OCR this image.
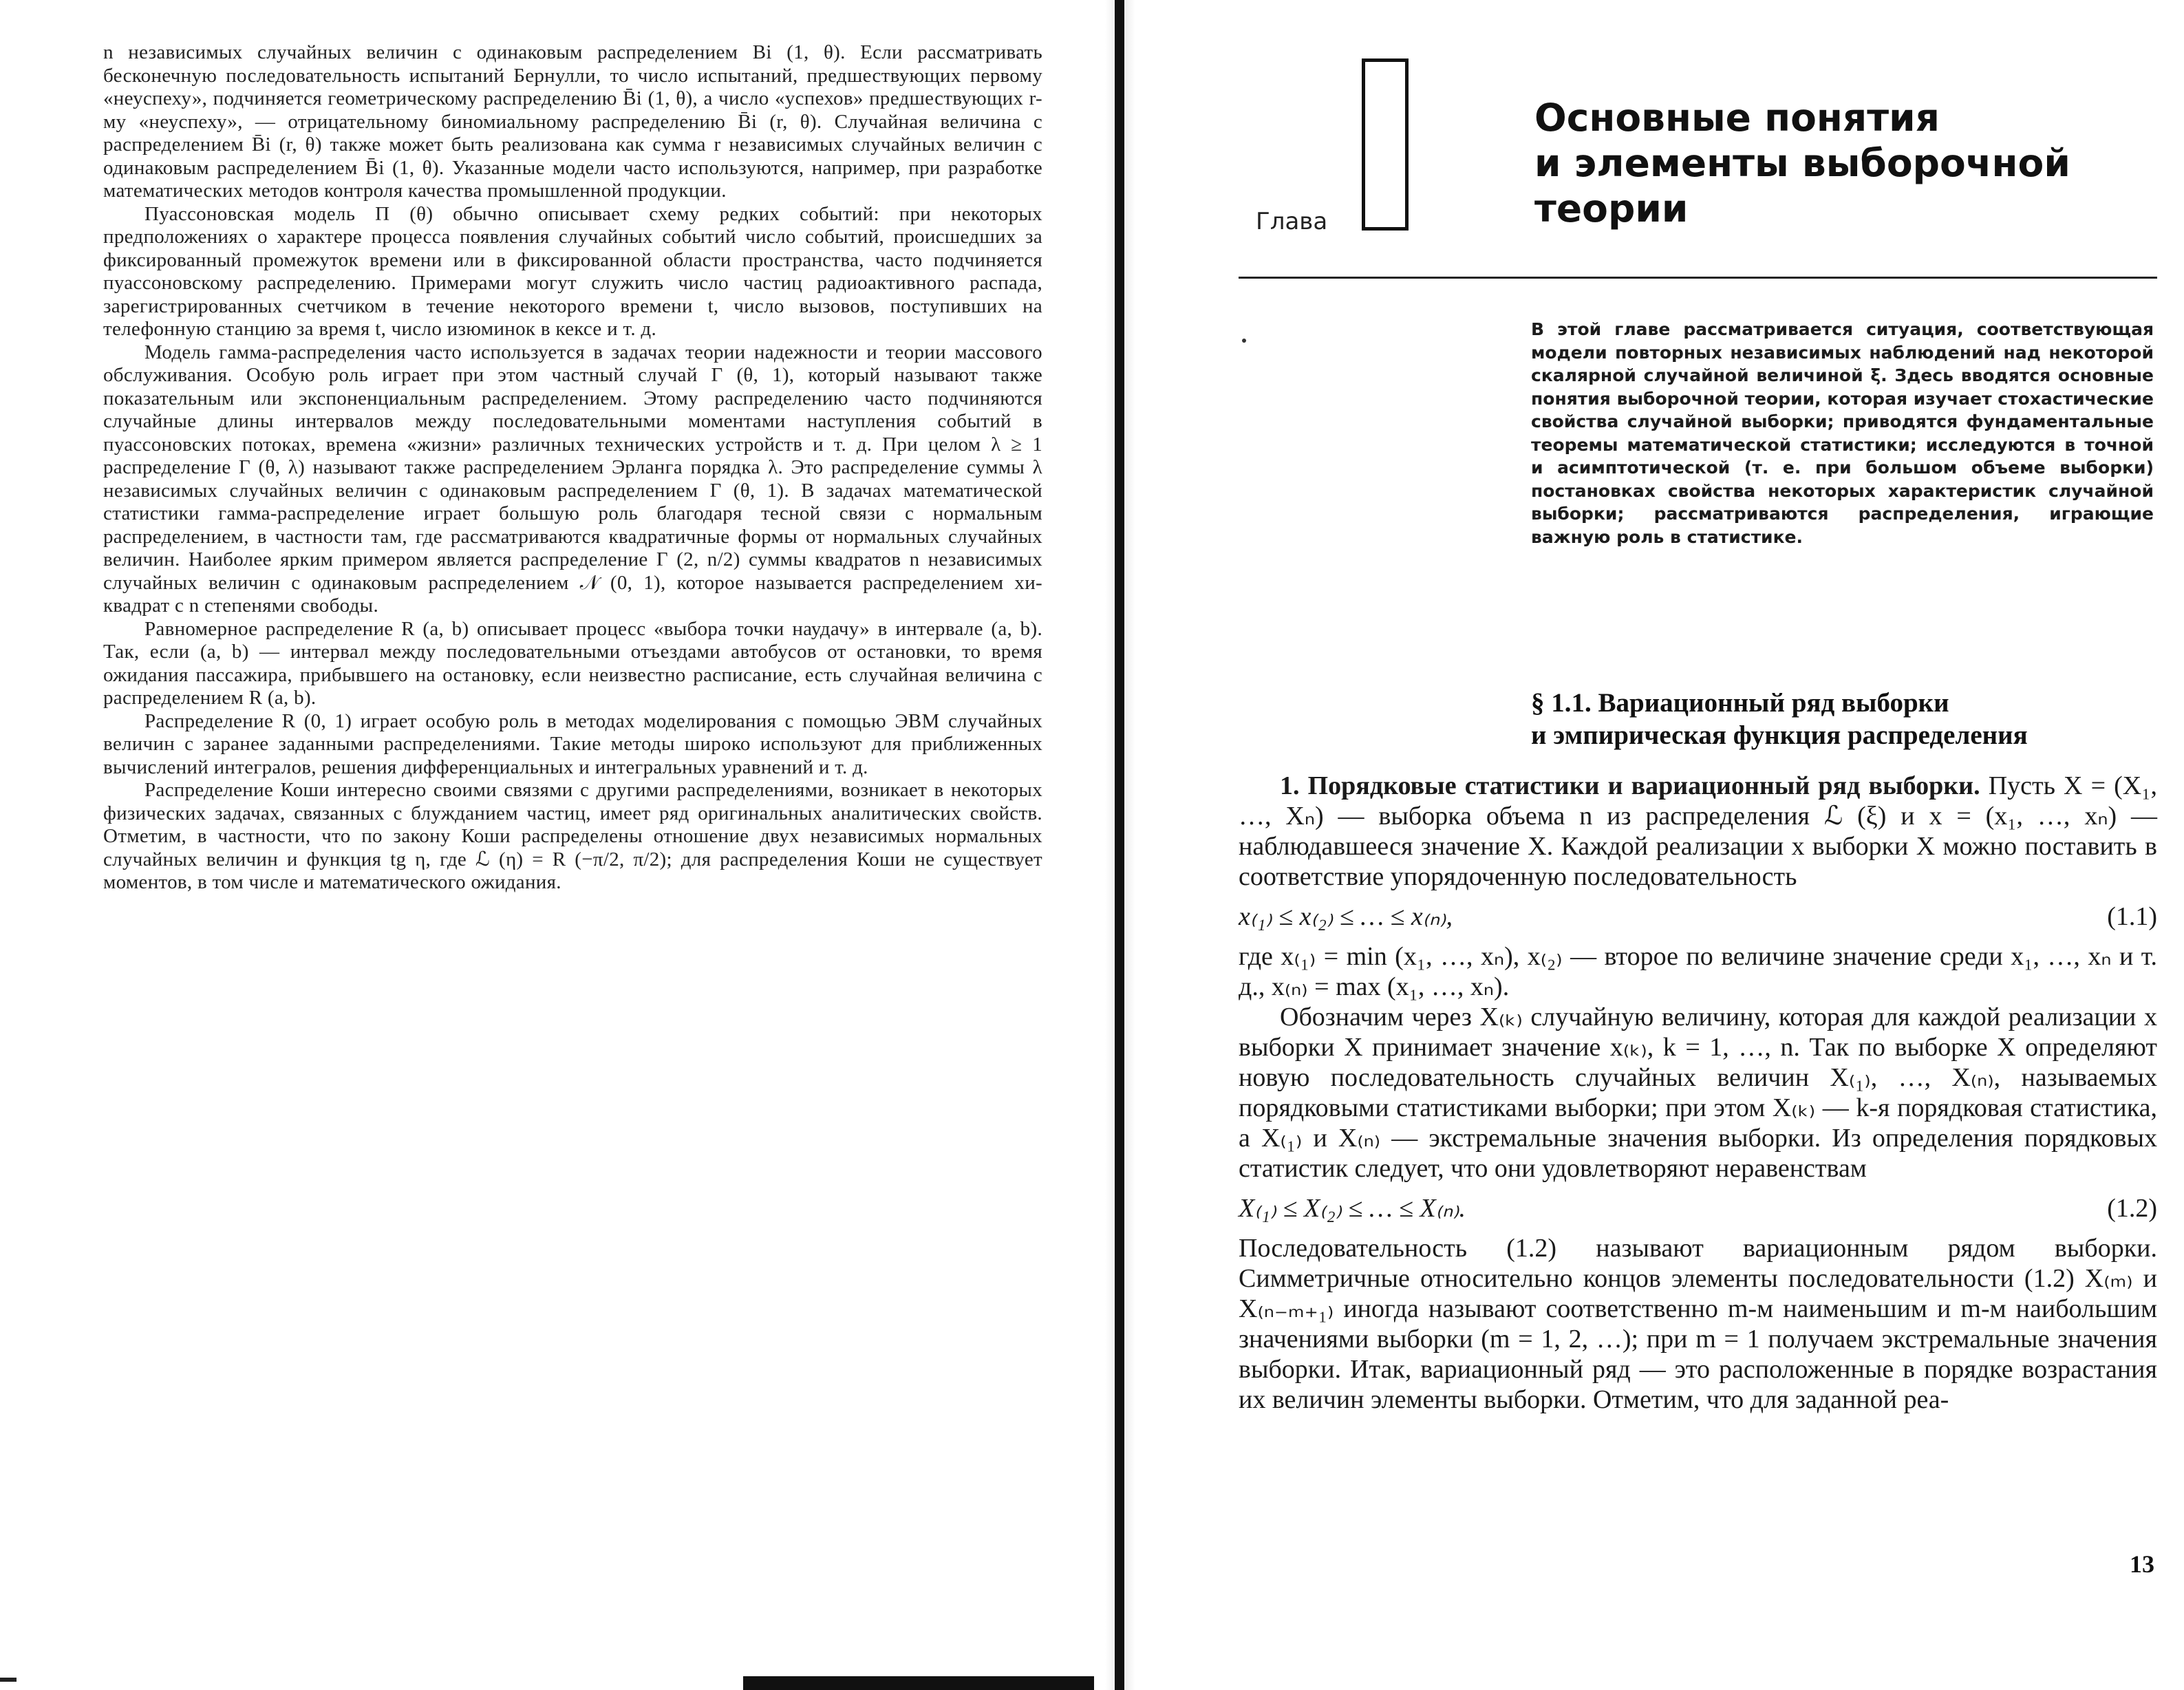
n независимых случайных величин с одинаковым распределением Bi (1, θ). Если рассматривать бесконечную последовательность испытаний Бернулли, то число испытаний, предшествующих первому «неуспеху», подчиняется геометрическому распределению B̄i (1, θ), а число «успехов» предшествующих r-му «неуспеху», — отрицательному биномиальному распределению B̄i (r, θ). Случайная величина с распределением B̄i (r, θ) также может быть реализована как сумма r независимых случайных величин с одинаковым распределением B̄i (1, θ). Указанные модели часто используются, например, при разработке математических методов контроля качества промышленной продукции.

Пуассоновская модель Π (θ) обычно описывает схему редких событий: при некоторых предположениях о характере процесса появления случайных событий число событий, происшедших за фиксированный промежуток времени или в фиксированной области пространства, часто подчиняется пуассоновскому распределению. Примерами могут служить число частиц радиоактивного распада, зарегистрированных счетчиком в течение некоторого времени t, число вызовов, поступивших на телефонную станцию за время t, число изюминок в кексе и т. д.

Модель гамма-распределения часто используется в задачах теории надежности и теории массового обслуживания. Особую роль играет при этом частный случай Γ (θ, 1), который называют также показательным или экспоненциальным распределением. Этому распределению часто подчиняются случайные длины интервалов между последовательными моментами наступления событий в пуассоновских потоках, времена «жизни» различных технических устройств и т. д. При целом λ ≥ 1 распределение Γ (θ, λ) называют также распределением Эрланга порядка λ. Это распределение суммы λ независимых случайных величин с одинаковым распределением Γ (θ, 1). В задачах математической статистики гамма-распределение играет большую роль благодаря тесной связи с нормальным распределением, в частности там, где рассматриваются квадратичные формы от нормальных случайных величин. Наиболее ярким примером является распределение Γ (2, n/2) суммы квадратов n независимых случайных величин с одинаковым распределением 𝒩 (0, 1), которое называется распределением хи-квадрат с n степенями свободы.

Равномерное распределение R (a, b) описывает процесс «выбора точки наудачу» в интервале (a, b). Так, если (a, b) — интервал между последовательными отъездами автобусов от остановки, то время ожидания пассажира, прибывшего на остановку, если неизвестно расписание, есть случайная величина с распределением R (a, b).

Распределение R (0, 1) играет особую роль в методах моделирования с помощью ЭВМ случайных величин с заранее заданными распределениями. Такие методы широко используют для приближенных вычислений интегралов, решения дифференциальных и интегральных уравнений и т. д.

Распределение Коши интересно своими связями с другими распределениями, возникает в некоторых физических задачах, связанных с блужданием частиц, имеет ряд оригинальных аналитических свойств. Отметим, в частности, что по закону Коши распределены отношение двух независимых нормальных случайных величин и функция tg η, где ℒ (η) = R (−π/2, π/2); для распределения Коши не существует моментов, в том числе и математического ожидания.

Глава
Основные понятия
и элементы выборочной
теории

В этой главе рассматривается ситуация, соответствующая модели повторных независимых наблюдений над некоторой скалярной случайной величиной ξ. Здесь вводятся основные понятия выборочной теории, которая изучает стохастические свойства случайной выборки; приводятся фундаментальные теоремы математической статистики; исследуются в точной и асимптотической (т. е. при большом объеме выборки) постановках свойства некоторых характеристик случайной выборки; рассматриваются распределения, играющие важную роль в статистике.

§ 1.1. Вариационный ряд выборки
и эмпирическая функция распределения

1. Порядковые статистики и вариационный ряд выборки. Пусть X = (X₁, …, Xₙ) — выборка объема n из распределения ℒ (ξ) и x = (x₁, …, xₙ) — наблюдавшееся значение X. Каждой реализации x выборки X можно поставить в соответствие упорядоченную последовательность

x₍₁₎ ≤ x₍₂₎ ≤ … ≤ x₍ₙ₎,	(1.1)

где x₍₁₎ = min (x₁, …, xₙ), x₍₂₎ — второе по величине значение среди x₁, …, xₙ и т. д., x₍ₙ₎ = max (x₁, …, xₙ).

Обозначим через X₍ₖ₎ случайную величину, которая для каждой реализации x выборки X принимает значение x₍ₖ₎, k = 1, …, n. Так по выборке X определяют новую последовательность случайных величин X₍₁₎, …, X₍ₙ₎, называемых порядковыми статистиками выборки; при этом X₍ₖ₎ — k-я порядковая статистика, а X₍₁₎ и X₍ₙ₎ — экстремальные значения выборки. Из определения порядковых статистик следует, что они удовлетворяют неравенствам

X₍₁₎ ≤ X₍₂₎ ≤ … ≤ X₍ₙ₎.	(1.2)

Последовательность (1.2) называют вариационным рядом выборки. Симметричные относительно концов элементы последовательности (1.2) X₍ₘ₎ и X₍ₙ₋ₘ₊₁₎ иногда называют соответственно m-м наименьшим и m-м наибольшим значениями выборки (m = 1, 2, …); при m = 1 получаем экстремальные значения выборки. Итак, вариационный ряд — это расположенные в порядке возрастания их величин элементы выборки. Отметим, что для заданной реа-

13
